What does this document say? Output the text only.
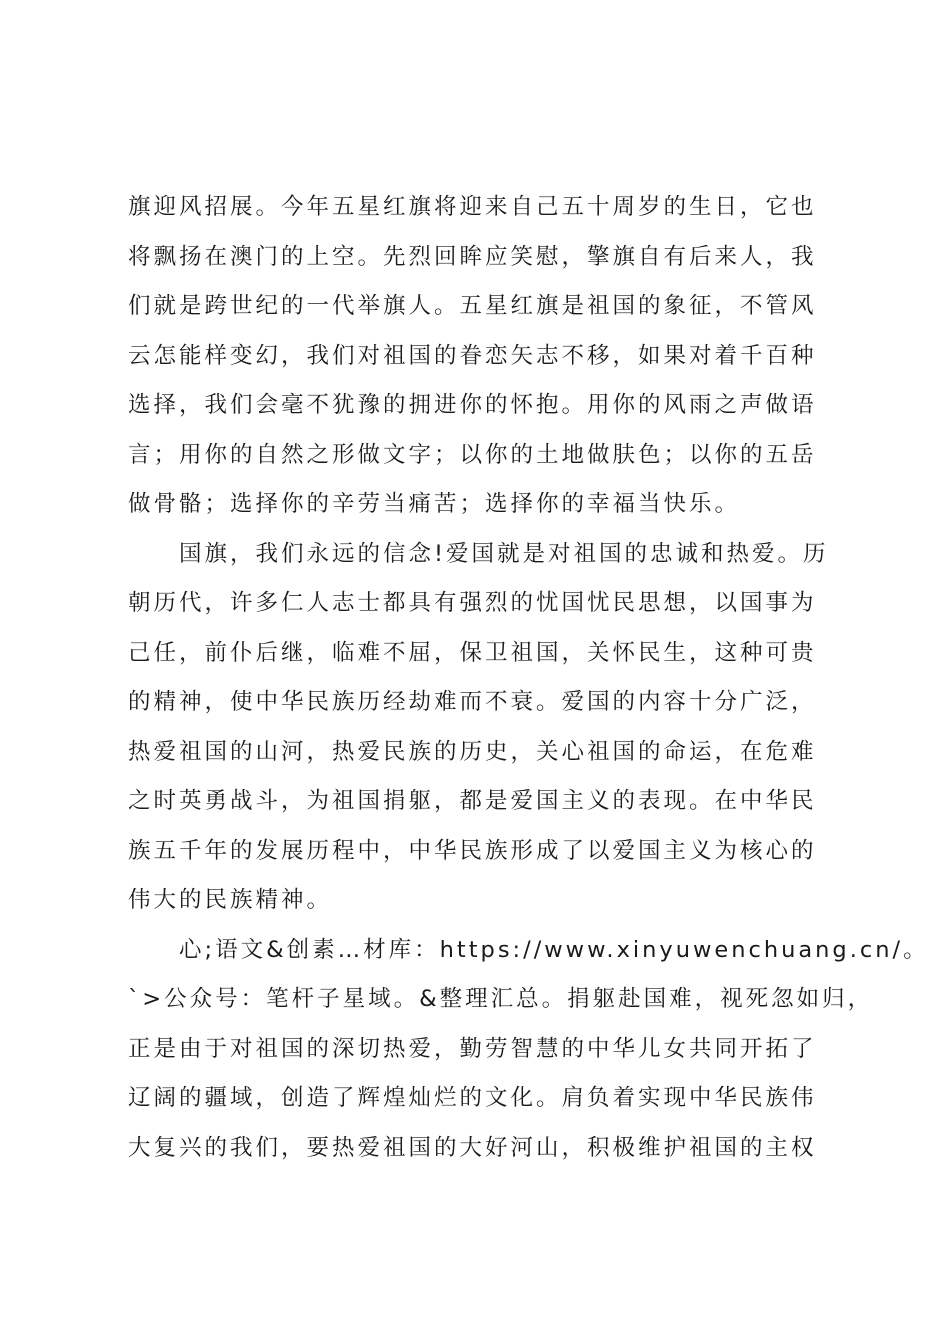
旗迎风招展。今年五星红旗将迎来自己五十周岁的生日，它也
将飘扬在澳门的上空。先烈回眸应笑慰，擎旗自有后来人，我
们就是跨世纪的一代举旗人。五星红旗是祖国的象征，不管风
云怎能样变幻，我们对祖国的眷恋矢志不移，如果对着千百种
选择，我们会毫不犹豫的拥进你的怀抱。用你的风雨之声做语
言；用你的自然之形做文字；以你的土地做肤色；以你的五岳
做骨骼；选择你的辛劳当痛苦；选择你的幸福当快乐。
　　国旗，我们永远的信念!爱国就是对祖国的忠诚和热爱。历
朝历代，许多仁人志士都具有强烈的忧国忧民思想，以国事为
己任，前仆后继，临难不屈，保卫祖国，关怀民生，这种可贵
的精神，使中华民族历经劫难而不衰。爱国的内容十分广泛，
热爱祖国的山河，热爱民族的历史，关心祖国的命运，在危难
之时英勇战斗，为祖国捐躯，都是爱国主义的表现。在中华民
族五千年的发展历程中，中华民族形成了以爱国主义为核心的
伟大的民族精神。
　　心;语文&创素…材库：https://www.xinyuwenchuang.cn/。
`>公众号：笔杆子星域。&整理汇总。捐躯赴国难，视死忽如归，
正是由于对祖国的深切热爱，勤劳智慧的中华儿女共同开拓了
辽阔的疆域，创造了辉煌灿烂的文化。肩负着实现中华民族伟
大复兴的我们，要热爱祖国的大好河山，积极维护祖国的主权
